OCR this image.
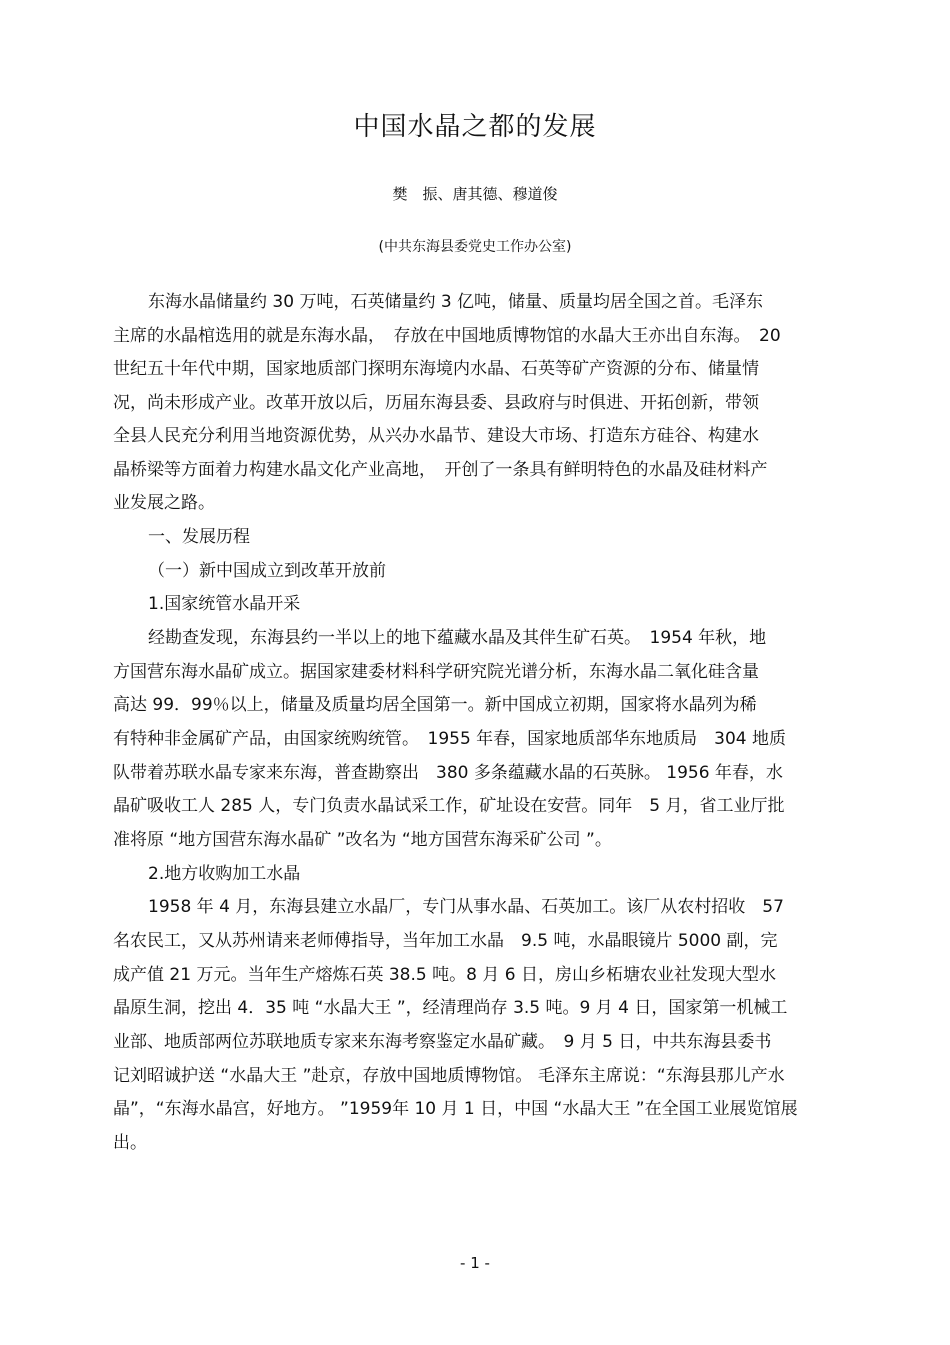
中国水晶之都的发展
樊　振、唐其德、穆道俊
(中共东海县委党史工作办公室)
东海水晶储量约 30 万吨，石英储量约 3 亿吨，储量、质量均居全国之首。毛泽东
主席的水晶棺选用的就是东海水晶，　存放在中国地质博物馆的水晶大王亦出自东海。　20
世纪五十年代中期，国家地质部门探明东海境内水晶、石英等矿产资源的分布、储量情
况，尚未形成产业。改革开放以后，历届东海县委、县政府与时俱进、开拓创新，带领
全县人民充分利用当地资源优势，从兴办水晶节、建设大市场、打造东方硅谷、构建水
晶桥梁等方面着力构建水晶文化产业高地，　开创了一条具有鲜明特色的水晶及硅材料产
业发展之路。
一、发展历程
（一）新中国成立到改革开放前
1.国家统管水晶开采
经勘查发现，东海县约一半以上的地下蕴藏水晶及其伴生矿石英。　1954 年秋，地
方国营东海水晶矿成立。据国家建委材料科学研究院光谱分析，东海水晶二氧化硅含量
高达 99．99％以上，储量及质量均居全国第一。新中国成立初期，国家将水晶列为稀
有特种非金属矿产品，由国家统购统管。　1955 年春，国家地质部华东地质局　304 地质
队带着苏联水晶专家来东海，普查勘察出　380 多条蕴藏水晶的石英脉。 1956 年春，水
晶矿吸收工人 285 人，专门负责水晶试采工作，矿址设在安营。同年　5 月，省工业厅批
准将原 “地方国营东海水晶矿 ”改名为 “地方国营东海采矿公司 ”。
2.地方收购加工水晶
1958 年 4 月，东海县建立水晶厂，专门从事水晶、石英加工。该厂从农村招收　57
名农民工，又从苏州请来老师傅指导，当年加工水晶　9.5 吨，水晶眼镜片 5000 副，完
成产值 21 万元。当年生产熔炼石英 38.5 吨。8 月 6 日，房山乡柘塘农业社发现大型水
晶原生洞，挖出 4．35 吨 “水晶大王 ”，经清理尚存 3.5 吨。9 月 4 日，国家第一机械工
业部、地质部两位苏联地质专家来东海考察鉴定水晶矿藏。　9 月 5 日，中共东海县委书
记刘昭诚护送 “水晶大王 ”赴京，存放中国地质博物馆。 毛泽东主席说：“东海县那儿产水
晶”，“东海水晶宫，好地方。 ”1959年 10 月 1 日，中国 “水晶大王 ”在全国工业展览馆展
出。
- 1 -
